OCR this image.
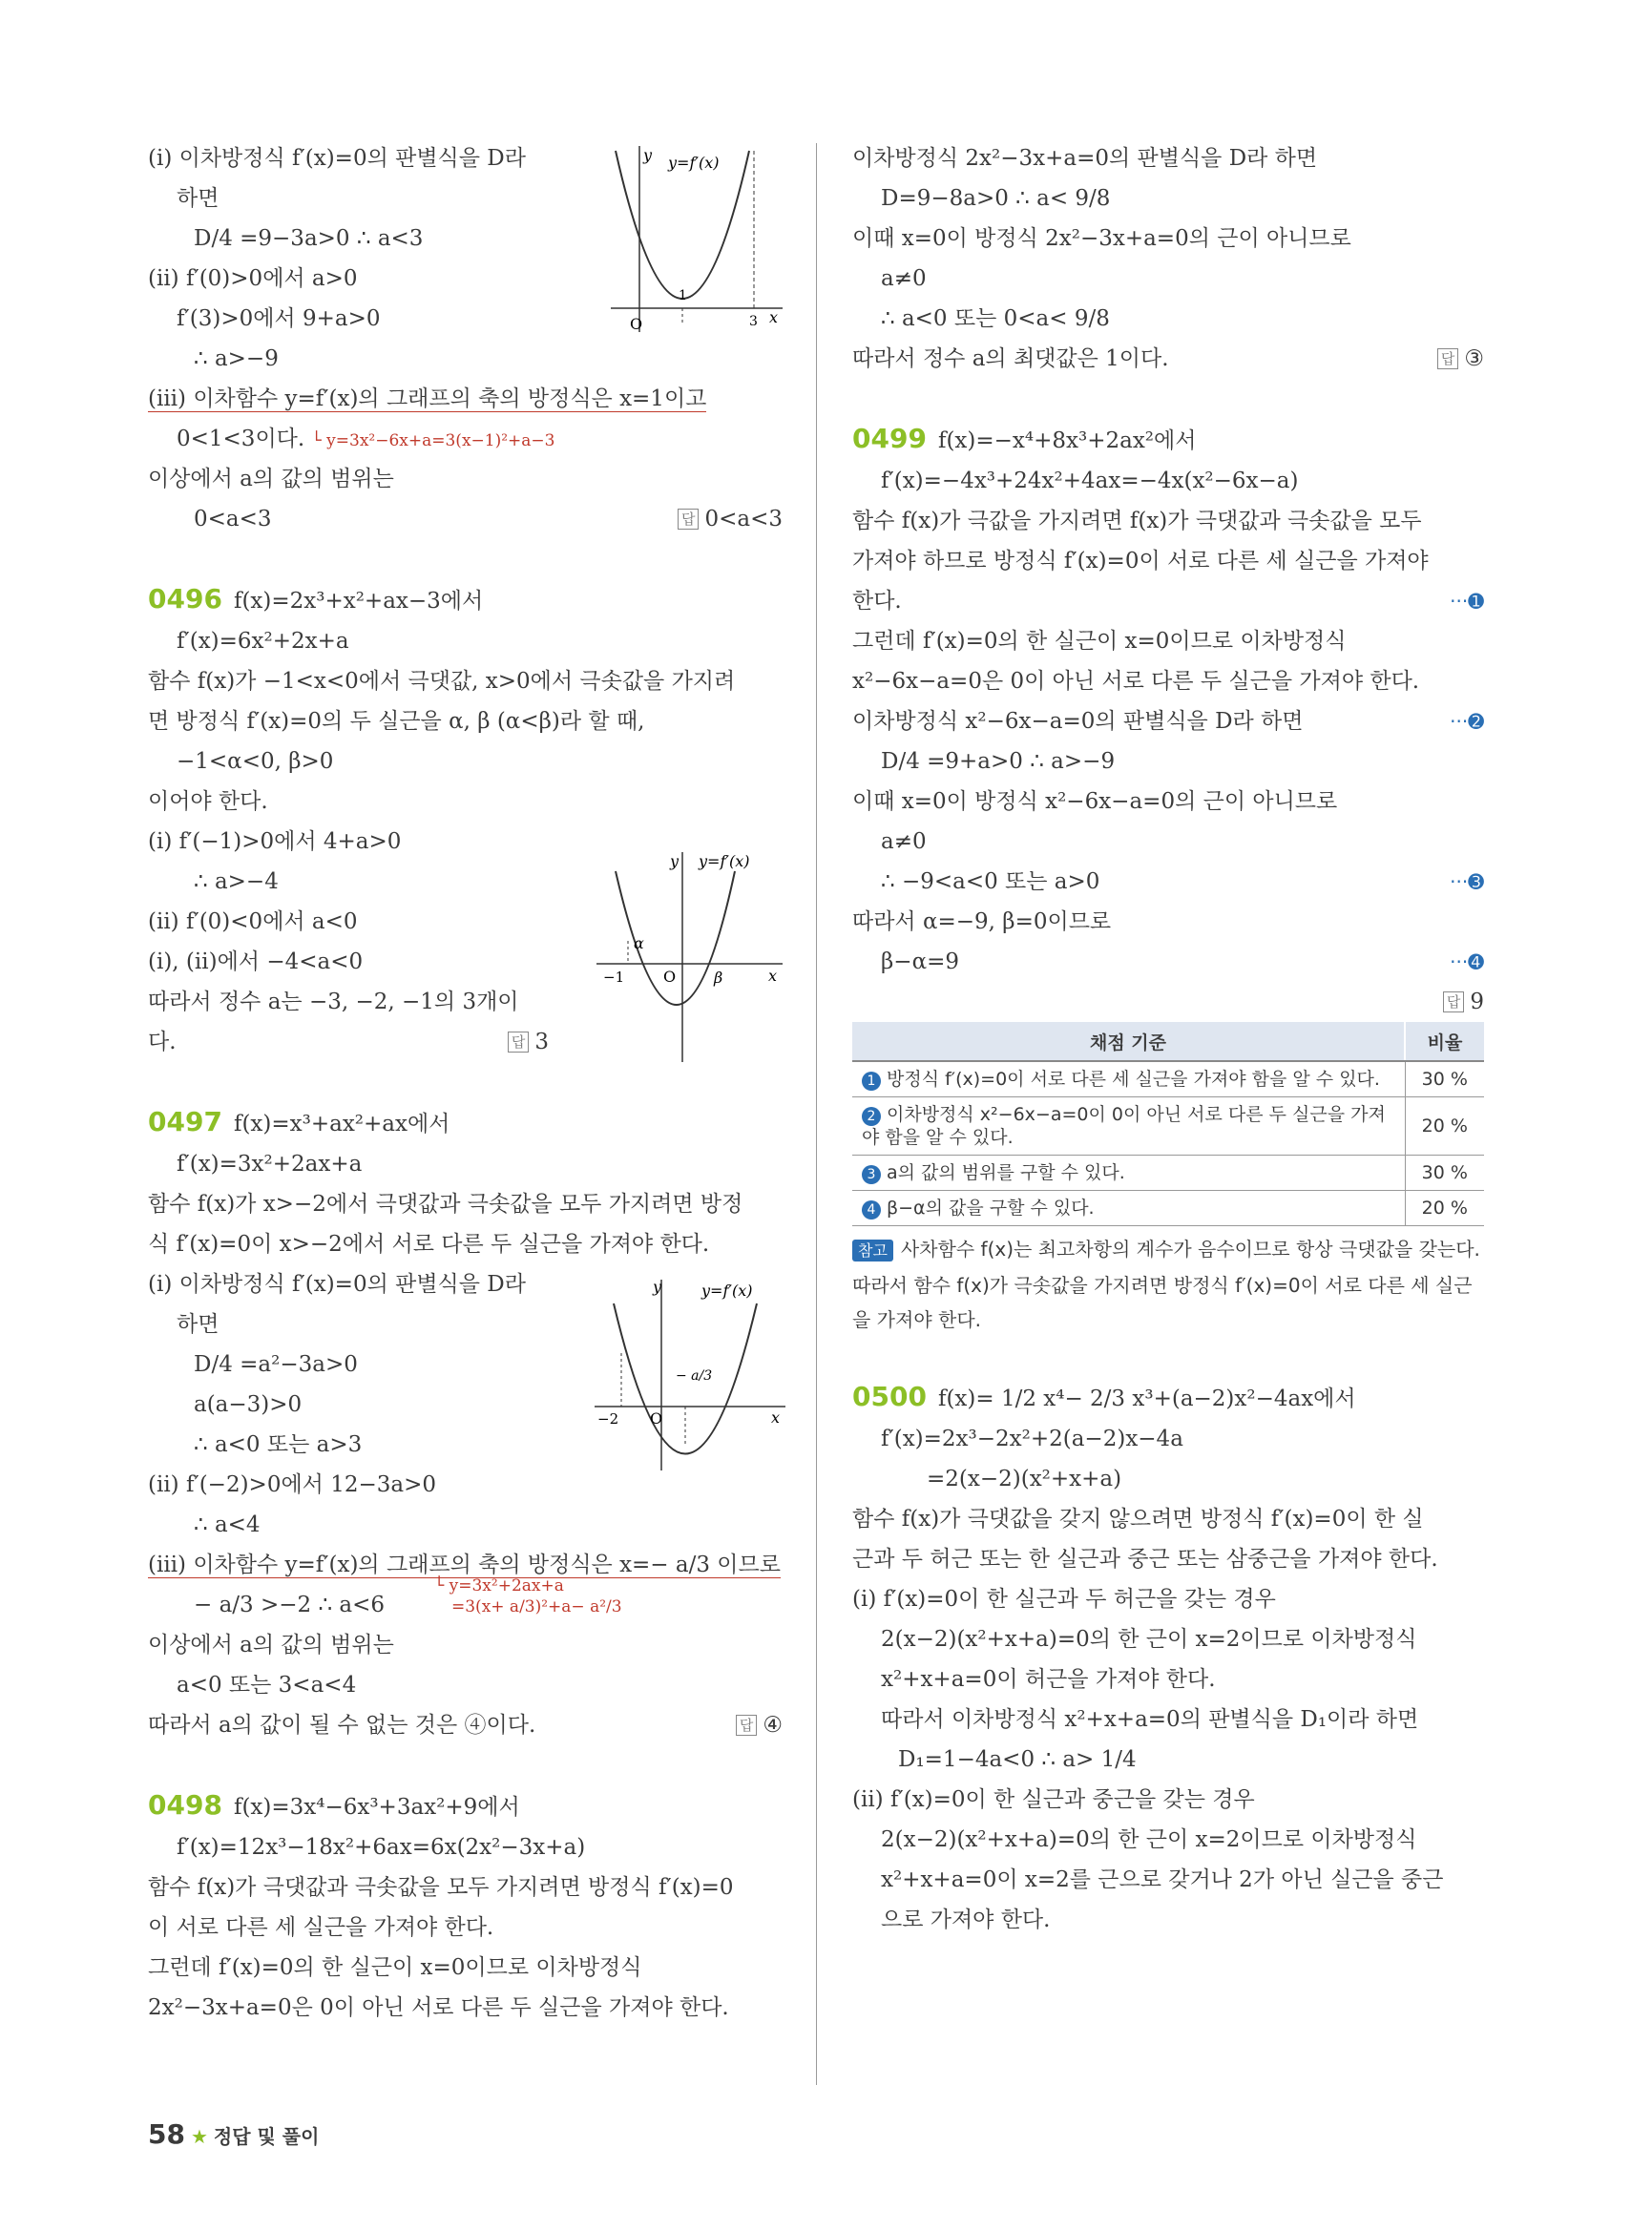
(ⅰ) 이차방정식 f′(x)=0의 판별식을 D라
하면
D/4 =9−3a>0 ∴ a<3
(ⅱ) f′(0)>0에서 a>0
f′(3)>0에서 9+a>0
∴ a>−9
(ⅲ) 이차함수 y=f′(x)의 그래프의 축의 방정식은 x=1이고
0<1<3이다. └ y=3x²−6x+a=3(x−1)²+a−3
이상에서 a의 값의 범위는
0<a<3	답 0<a<3
0496 f(x)=2x³+x²+ax−3에서
f′(x)=6x²+2x+a
함수 f(x)가 −1<x<0에서 극댓값, x>0에서 극솟값을 가지려
면 방정식 f′(x)=0의 두 실근을 α, β (α<β)라 할 때,
−1<α<0, β>0
이어야 한다.
(ⅰ) f′(−1)>0에서 4+a>0
∴ a>−4
(ⅱ) f′(0)<0에서 a<0
(ⅰ), (ⅱ)에서 −4<a<0
따라서 정수 a는 −3, −2, −1의 3개이
다.	답 3
0497 f(x)=x³+ax²+ax에서
f′(x)=3x²+2ax+a
함수 f(x)가 x>−2에서 극댓값과 극솟값을 모두 가지려면 방정
식 f′(x)=0이 x>−2에서 서로 다른 두 실근을 가져야 한다.
(ⅰ) 이차방정식 f′(x)=0의 판별식을 D라
하면
D/4 =a²−3a>0
a(a−3)>0
∴ a<0 또는 a>3
(ⅱ) f′(−2)>0에서 12−3a>0
∴ a<4
(ⅲ) 이차함수 y=f′(x)의 그래프의 축의 방정식은 x=− a/3 이므로
− a/3 >−2 ∴ a<6
└ y=3x²+2ax+a
=3(x+ a/3)²+a− a²/3
이상에서 a의 값의 범위는
a<0 또는 3<a<4
따라서 a의 값이 될 수 없는 것은 ④이다.	답 ④
0498 f(x)=3x⁴−6x³+3ax²+9에서
f′(x)=12x³−18x²+6ax=6x(2x²−3x+a)
함수 f(x)가 극댓값과 극솟값을 모두 가지려면 방정식 f′(x)=0
이 서로 다른 세 실근을 가져야 한다.
그런데 f′(x)=0의 한 실근이 x=0이므로 이차방정식
2x²−3x+a=0은 0이 아닌 서로 다른 두 실근을 가져야 한다.
y y=f′(x)
x
O
1
3
y y=f′(x)
x
O
−1
α
β
y	y=f′(x)
x
O
−2
− a/3
이차방정식 2x²−3x+a=0의 판별식을 D라 하면
D=9−8a>0 ∴ a< 9/8
이때 x=0이 방정식 2x²−3x+a=0의 근이 아니므로
a≠0
∴ a<0 또는 0<a< 9/8
따라서 정수 a의 최댓값은 1이다.	답 ③
0499 f(x)=−x⁴+8x³+2ax²에서
f′(x)=−4x³+24x²+4ax=−4x(x²−6x−a)
함수 f(x)가 극값을 가지려면 f(x)가 극댓값과 극솟값을 모두
가져야 하므로 방정식 f′(x)=0이 서로 다른 세 실근을 가져야
한다.	···➊
그런데 f′(x)=0의 한 실근이 x=0이므로 이차방정식
x²−6x−a=0은 0이 아닌 서로 다른 두 실근을 가져야 한다.
···➋
이차방정식 x²−6x−a=0의 판별식을 D라 하면
D/4 =9+a>0 ∴ a>−9
이때 x=0이 방정식 x²−6x−a=0의 근이 아니므로
a≠0
∴ −9<a<0 또는 a>0	···➌
따라서 α=−9, β=0이므로
β−α=9	···➍
답 9
채점 기준	비율
1 방정식 f′(x)=0이 서로 다른 세 실근을 가져야 함을 알 수 있다.	30 %
2 이차방정식 x²−6x−a=0이 0이 아닌 서로 다른 두 실근을 가져야 함을 알 수 있다.	20 %
3 a의 값의 범위를 구할 수 있다.	30 %
4 β−α의 값을 구할 수 있다.	20 %
참고 사차함수 f(x)는 최고차항의 계수가 음수이므로 항상 극댓값을 갖는다. 따라서 함수 f(x)가 극솟값을 가지려면 방정식 f′(x)=0이 서로 다른 세 실근을 가져야 한다.
0500 f(x)= 1/2 x⁴− 2/3 x³+(a−2)x²−4ax에서
f′(x)=2x³−2x²+2(a−2)x−4a
=2(x−2)(x²+x+a)
함수 f(x)가 극댓값을 갖지 않으려면 방정식 f′(x)=0이 한 실
근과 두 허근 또는 한 실근과 중근 또는 삼중근을 가져야 한다.
(ⅰ) f′(x)=0이 한 실근과 두 허근을 갖는 경우
2(x−2)(x²+x+a)=0의 한 근이 x=2이므로 이차방정식
x²+x+a=0이 허근을 가져야 한다.
따라서 이차방정식 x²+x+a=0의 판별식을 D₁이라 하면
D₁=1−4a<0 ∴ a> 1/4
(ⅱ) f′(x)=0이 한 실근과 중근을 갖는 경우
2(x−2)(x²+x+a)=0의 한 근이 x=2이므로 이차방정식
x²+x+a=0이 x=2를 근으로 갖거나 2가 아닌 실근을 중근
으로 가져야 한다.
58 ★ 정답 및 풀이
